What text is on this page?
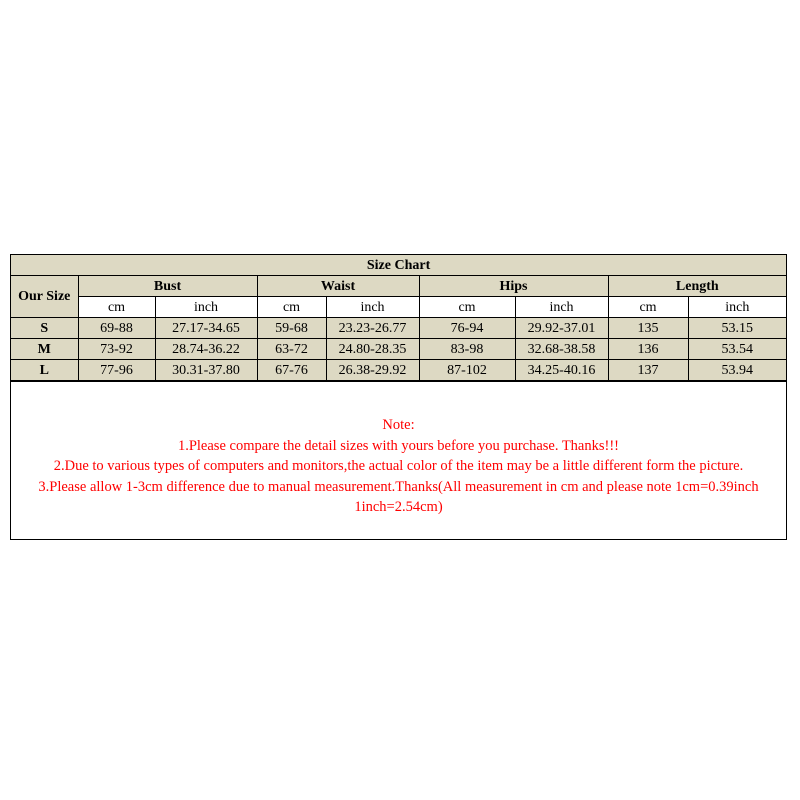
Size Chart								
Our Size	Bust		Waist		Hips		Length	
	cm	inch	cm	inch	cm	inch	cm	inch
S	69-88	27.17-34.65	59-68	23.23-26.77	76-94	29.92-37.01	135	53.15
M	73-92	28.74-36.22	63-72	24.80-28.35	83-98	32.68-38.58	136	53.54
L	77-96	30.31-37.80	67-76	26.38-29.92	87-102	34.25-40.16	137	53.94
Note:
1.Please compare the detail sizes with yours before you purchase. Thanks!!!
2.Due to various types of computers and monitors,the actual color of the item may be a little different form the picture.
3.Please allow 1-3cm difference due to manual measurement.Thanks(All measurement in cm and please note 1cm=0.39inch
1inch=2.54cm)
